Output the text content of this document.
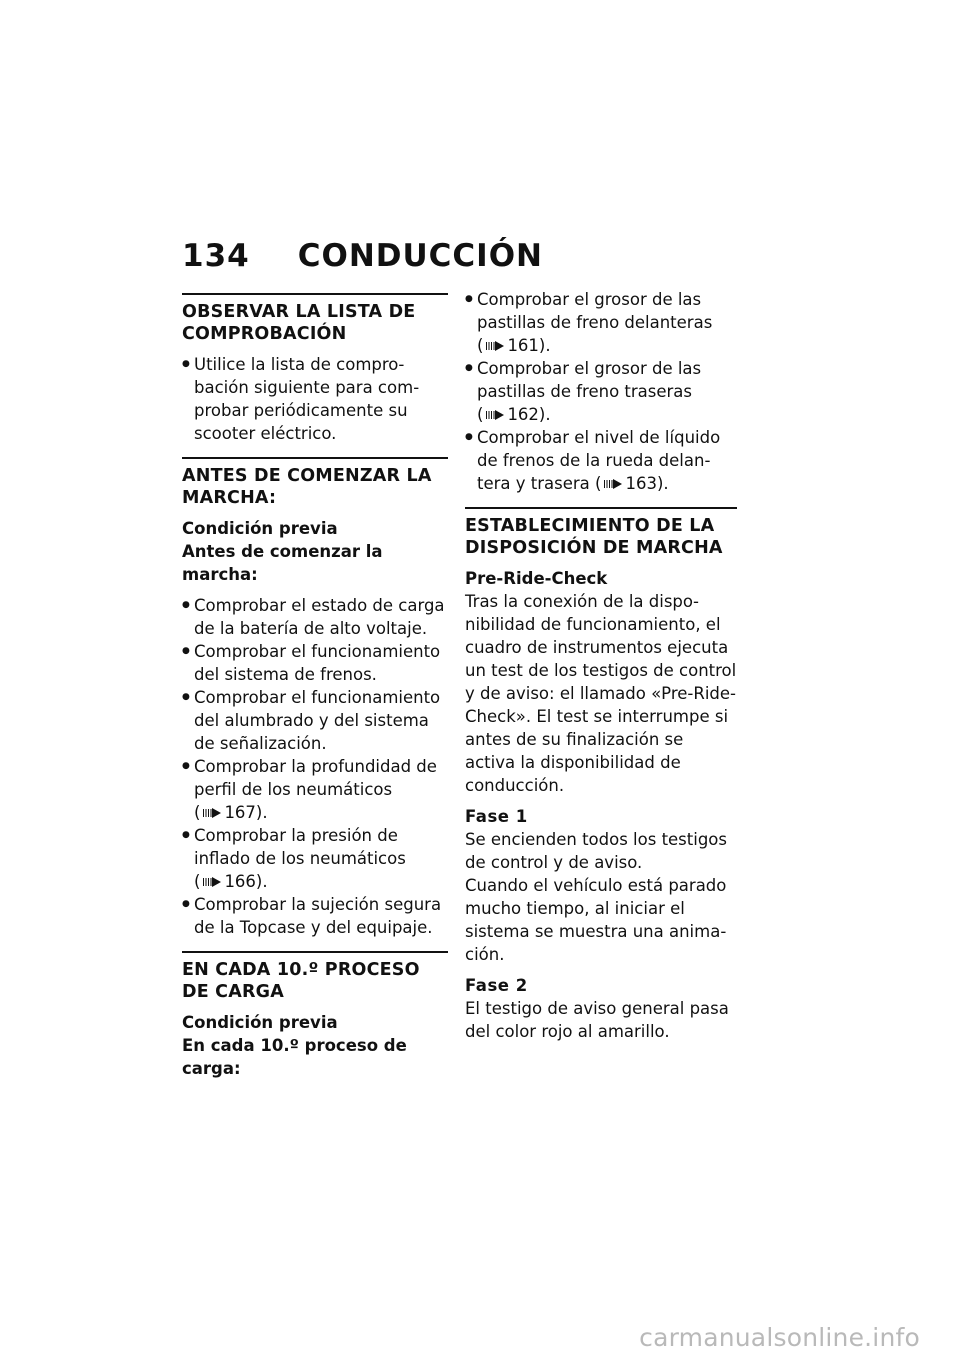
134 CONDUCCIÓN
OBSERVAR LA LISTA DE COMPROBACIÓN
● Utilice la lista de comprobación siguiente para comprobar periódicamente su scooter eléctrico.
ANTES DE COMENZAR LA MARCHA:

Condición previa

Antes de comenzar la marcha:

● Comprobar el estado de carga de la batería de alto voltaje.
● Comprobar el funcionamiento del sistema de frenos.
● Comprobar el funcionamiento del alumbrado y del sistema de señalización.
● Comprobar la profundidad de perfil de los neumáticos ( 167).
● Comprobar la presión de inflado de los neumáticos ( 166).
● Comprobar la sujeción segura de la Topcase y del equipaje.
EN CADA 10.º PROCESO DE CARGA

Condición previa

En cada 10.º proceso de carga:

● Comprobar el grosor de las pastillas de freno delanteras ( 161).
● Comprobar el grosor de las pastillas de freno traseras ( 162).
● Comprobar el nivel de líquido de frenos de la rueda delantera y trasera ( 163).
ESTABLECIMIENTO DE LA DISPOSICIÓN DE MARCHA

Pre-Ride-Check

Tras la conexión de la disponibilidad de funcionamiento, el cuadro de instrumentos ejecuta un test de los testigos de control y de aviso: el llamado «Pre-Ride-Check». El test se interrumpe si antes de su finalización se activa la disponibilidad de conducción.

Fase 1

Se encienden todos los testigos de control y de aviso.

Cuando el vehículo está parado mucho tiempo, al iniciar el sistema se muestra una animación.

Fase 2

El testigo de aviso general pasa del color rojo al amarillo.

carmanualsonline.info
